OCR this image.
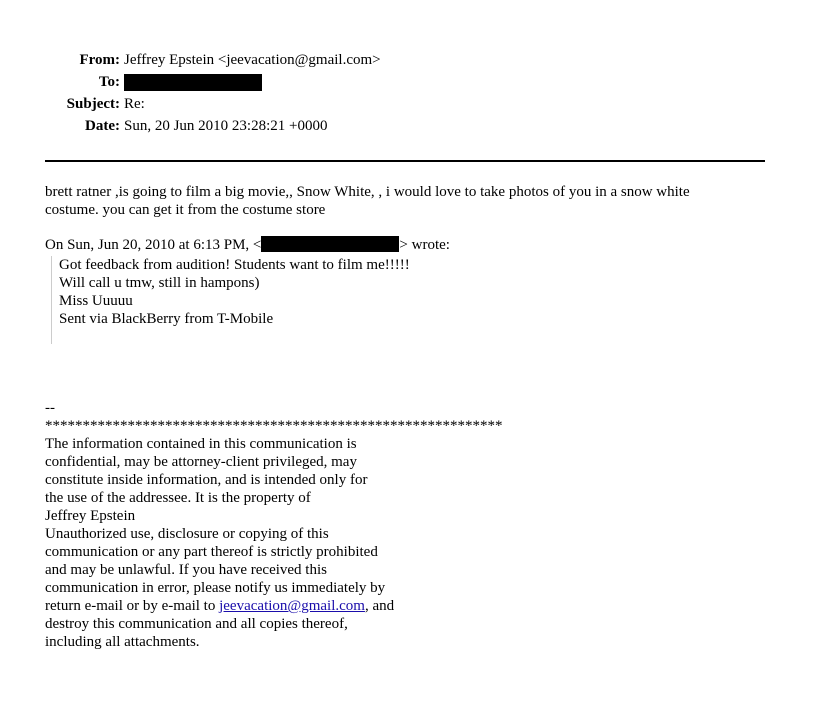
From: Jeffrey Epstein <jeevacation@gmail.com>
To:
Subject: Re:
Date: Sun, 20 Jun 2010 23:28:21 +0000
brett ratner ,is going to film a big movie,, Snow White, , i would love to take photos of you in a snow white
costume. you can get it from the costume store
On Sun, Jun 20, 2010 at 6:13 PM, <	> wrote:
Got feedback from audition! Students want to film me!!!!!
Will call u tmw, still in hampons)
Miss Uuuuu
Sent via BlackBerry from T-Mobile
--
*************************************************************
The information contained in this communication is
confidential, may be attorney-client privileged, may
constitute inside information, and is intended only for
the use of the addressee. It is the property of
Jeffrey Epstein
Unauthorized use, disclosure or copying of this
communication or any part thereof is strictly prohibited
and may be unlawful. If you have received this
communication in error, please notify us immediately by
return e-mail or by e-mail to jeevacation@gmail.com, and
destroy this communication and all copies thereof,
including all attachments.
